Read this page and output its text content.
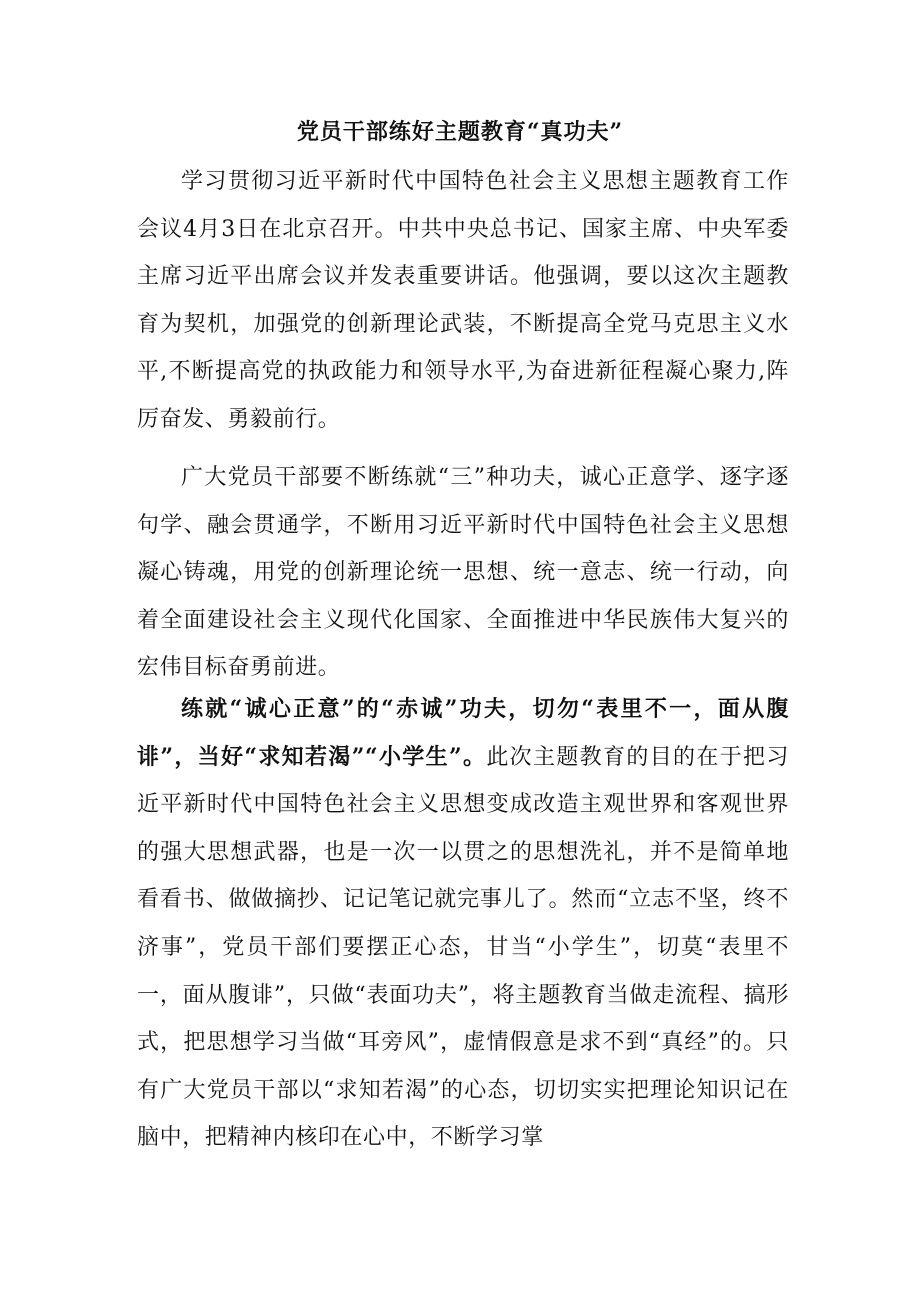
党员干部练好主题教育“真功夫”

学习贯彻习近平新时代中国特色社会主义思想主题教育工作会议4月3日在北京召开。中共中央总书记、国家主席、中央军委主席习近平出席会议并发表重要讲话。他强调，要以这次主题教育为契机，加强党的创新理论武装，不断提高全党马克思主义水平,不断提高党的执政能力和领导水平,为奋进新征程凝心聚力,阵厉奋发、勇毅前行。

广大党员干部要不断练就“三”种功夫，诚心正意学、逐字逐句学、融会贯通学，不断用习近平新时代中国特色社会主义思想凝心铸魂，用党的创新理论统一思想、统一意志、统一行动，向着全面建设社会主义现代化国家、全面推进中华民族伟大复兴的宏伟目标奋勇前进。

练就“诚心正意”的“赤诚”功夫，切勿“表里不一，面从腹诽”，当好“求知若渴”“小学生”。此次主题教育的目的在于把习近平新时代中国特色社会主义思想变成改造主观世界和客观世界的强大思想武器，也是一次一以贯之的思想洗礼，并不是简单地看看书、做做摘抄、记记笔记就完事儿了。然而“立志不坚，终不济事”，党员干部们要摆正心态，甘当“小学生”，切莫“表里不一，面从腹诽”，只做“表面功夫”，将主题教育当做走流程、搞形式，把思想学习当做“耳旁风”，虚情假意是求不到“真经”的。只有广大党员干部以“求知若渴”的心态，切切实实把理论知识记在脑中，把精神内核印在心中，不断学习掌
